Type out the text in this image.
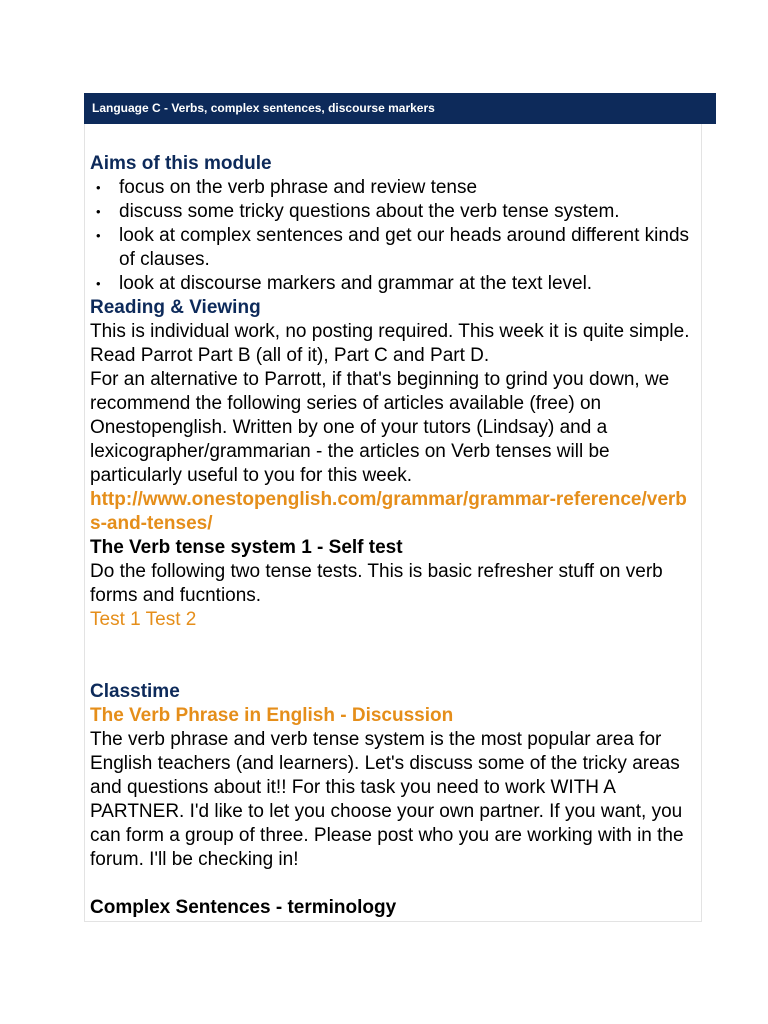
Language C - Verbs, complex sentences, discourse markers

Aims of this module

• focus on the verb phrase and review tense
• discuss some tricky questions about the verb tense system.
• look at complex sentences and get our heads around different kinds of clauses.
• look at discourse markers and grammar at the text level.

Reading & Viewing

This is individual work, no posting required. This week it is quite simple. Read Parrot Part B (all of it), Part C and Part D.

For an alternative to Parrott, if that's beginning to grind you down, we recommend the following series of articles available (free) on Onestopenglish. Written by one of your tutors (Lindsay) and a lexicographer/grammarian - the articles on Verb tenses will be particularly useful to you for this week.

http://www.onestopenglish.com/grammar/grammar-reference/verbs-and-tenses/

The Verb tense system 1 - Self test

Do the following two tense tests. This is basic refresher stuff on verb forms and fucntions.

Test 1 Test 2

Classtime

The Verb Phrase in English - Discussion

The verb phrase and verb tense system is the most popular area for English teachers (and learners). Let's discuss some of the tricky areas and questions about it!! For this task you need to work WITH A PARTNER. I'd like to let you choose your own partner. If you want, you can form a group of three. Please post who you are working with in the forum. I'll be checking in!

Complex Sentences - terminology
